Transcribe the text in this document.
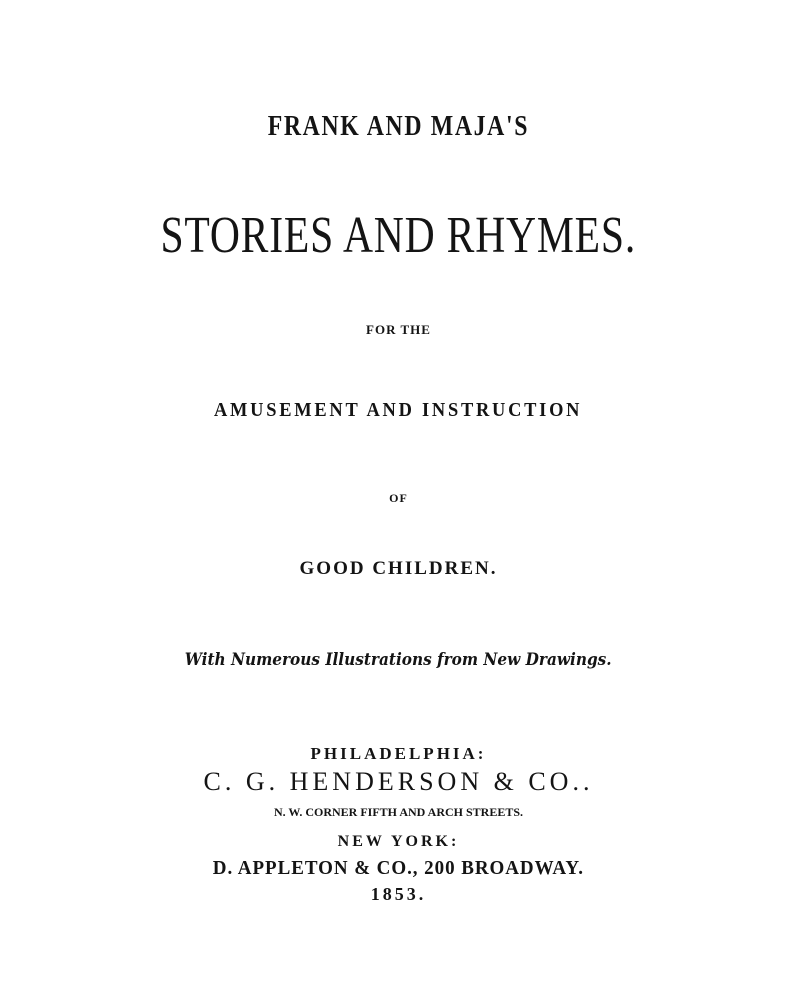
FRANK AND MAJA'S
STORIES AND RHYMES.
FOR THE
AMUSEMENT AND INSTRUCTION
OF
GOOD CHILDREN.
With Numerous Illustrations from New Drawings.
PHILADELPHIA:
C. G. HENDERSON & CO..
N. W. CORNER FIFTH AND ARCH STREETS.
NEW YORK:
D. APPLETON & CO., 200 BROADWAY.
1853.
